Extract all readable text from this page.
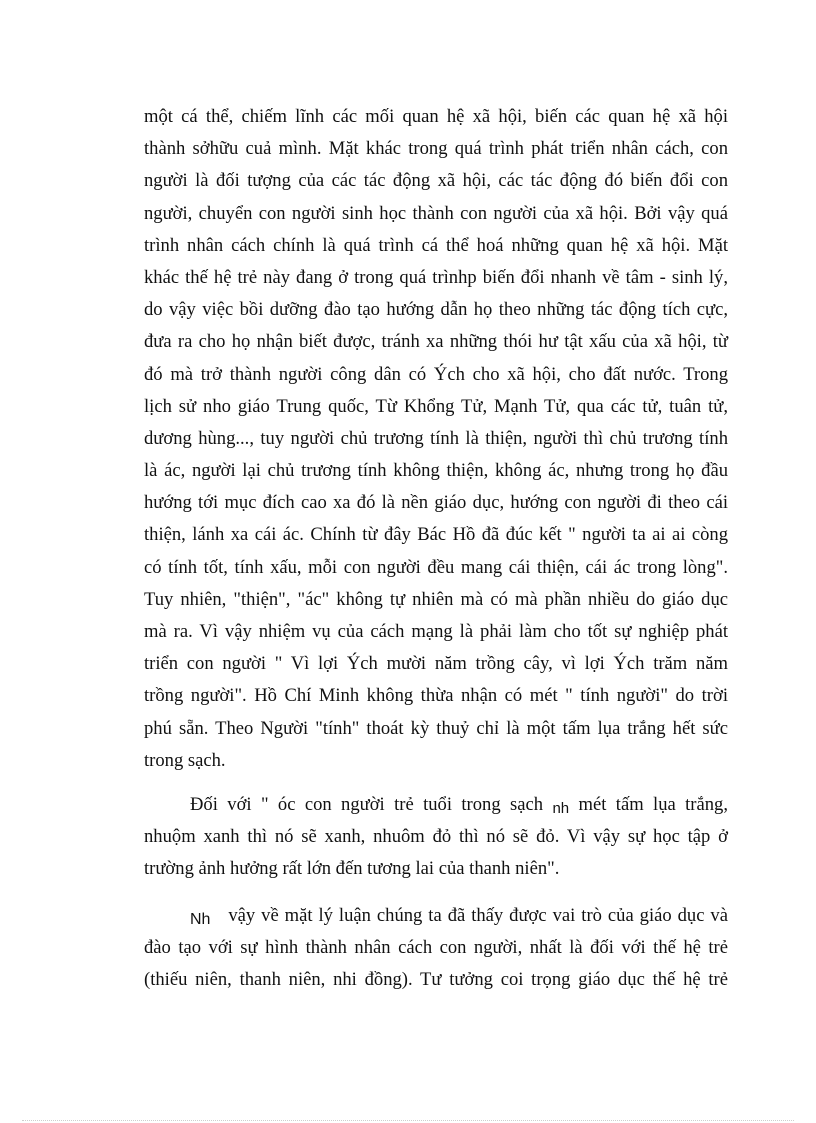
một cá thể, chiếm lĩnh các mối quan hệ xã hội, biến các quan hệ xã hội
thành sởhữu cuả mình. Mặt khác trong quá trình phát triển nhân cách, con
người là đối tượng của các tác động xã hội, các tác động đó biến đổi con
người, chuyển con người sinh học thành con người của xã hội. Bởi vậy quá
trình nhân cách chính là quá trình cá thể hoá những quan hệ xã hội. Mặt
khác thế hệ trẻ này đang ở trong quá trìnhp biến đổi nhanh về tâm - sinh lý,
do vậy việc bồi dưỡng đào tạo hướng dẫn họ theo những tác động tích cực,
đưa ra cho họ nhận biết được, tránh xa những thói hư tật xấu của xã hội, từ
đó mà trở thành người công dân có Ých cho xã hội, cho đất nước. Trong
lịch sử nho giáo Trung quốc, Từ Khổng Tử, Mạnh Tử, qua các tử, tuân tử,
dương hùng..., tuy người chủ trương tính là thiện, người thì chủ trương tính
là ác, người lại chủ trương tính không thiện, không ác, nhưng trong họ đầu
hướng tới mục đích cao xa đó là nền giáo dục, hướng con người đi theo cái
thiện, lánh xa cái ác. Chính từ đây Bác Hồ đã đúc kết " người ta ai ai còng
có tính tốt, tính xấu, mỗi con người đều mang cái thiện, cái ác trong lòng".
Tuy nhiên, "thiện", "ác" không tự nhiên mà có mà phần nhiều do giáo dục
mà ra. Vì vậy nhiệm vụ của cách mạng là phải làm cho tốt sự nghiệp phát
triển con người " Vì lợi Ých mười năm trồng cây, vì lợi Ých trăm năm
trồng người". Hồ Chí Minh không thừa nhận có mét " tính người" do trời
phú sẵn. Theo Người "tính" thoát kỳ thuỷ chỉ là một tấm lụa trắng hết sức
trong sạch.
Đối với " óc con người trẻ tuổi trong sạch $_{nh}$ mét tấm lụa trắng,
nhuộm xanh thì nó sẽ xanh, nhuôm đỏ thì nó sẽ đỏ. Vì vậy sự học tập ở
trường ảnh hưởng rất lớn đến tương lai của thanh niên".
Nh vậy về mặt lý luận chúng ta đã thấy được vai trò của giáo dục và
đào tạo với sự hình thành nhân cách con người, nhất là đối với thế hệ trẻ
(thiếu niên, thanh niên, nhi đồng). Tư tưởng coi trọng giáo dục thế hệ trẻ
